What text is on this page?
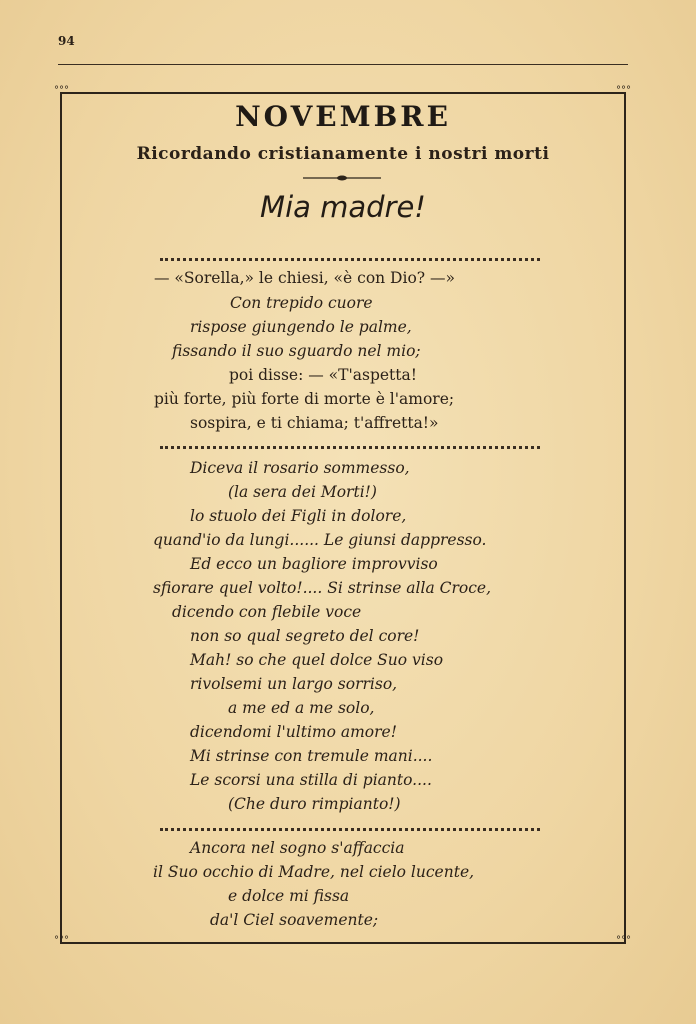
94
°°°	°°°
°°°	°°°
NOVEMBRE
Ricordando cristianamente i nostri morti
Mia madre!
— «Sorella,» le chiesi, «è con Dio? —»
Con trepido cuore
rispose giungendo le palme,
fissando il suo sguardo nel mio;
poi disse: — «T'aspetta!
più forte, più forte di morte è l'amore;
sospira, e ti chiama; t'affretta!»
Diceva il rosario sommesso,
(la sera dei Morti!)
lo stuolo dei Figli in dolore,
quand'io da lungi...... Le giunsi dappresso.
Ed ecco un bagliore improvviso
sfiorare quel volto!.... Si strinse alla Croce,
dicendo con flebile voce
non so qual segreto del core!
Mah! so che quel dolce Suo viso
rivolsemi un largo sorriso,
a me ed a me solo,
dicendomi l'ultimo amore!
Mi strinse con tremule mani....
Le scorsi una stilla di pianto....
(Che duro rimpianto!)
Ancora nel sogno s'affaccia
il Suo occhio di Madre, nel cielo lucente,
e dolce mi fissa
da'l Ciel soavemente;
